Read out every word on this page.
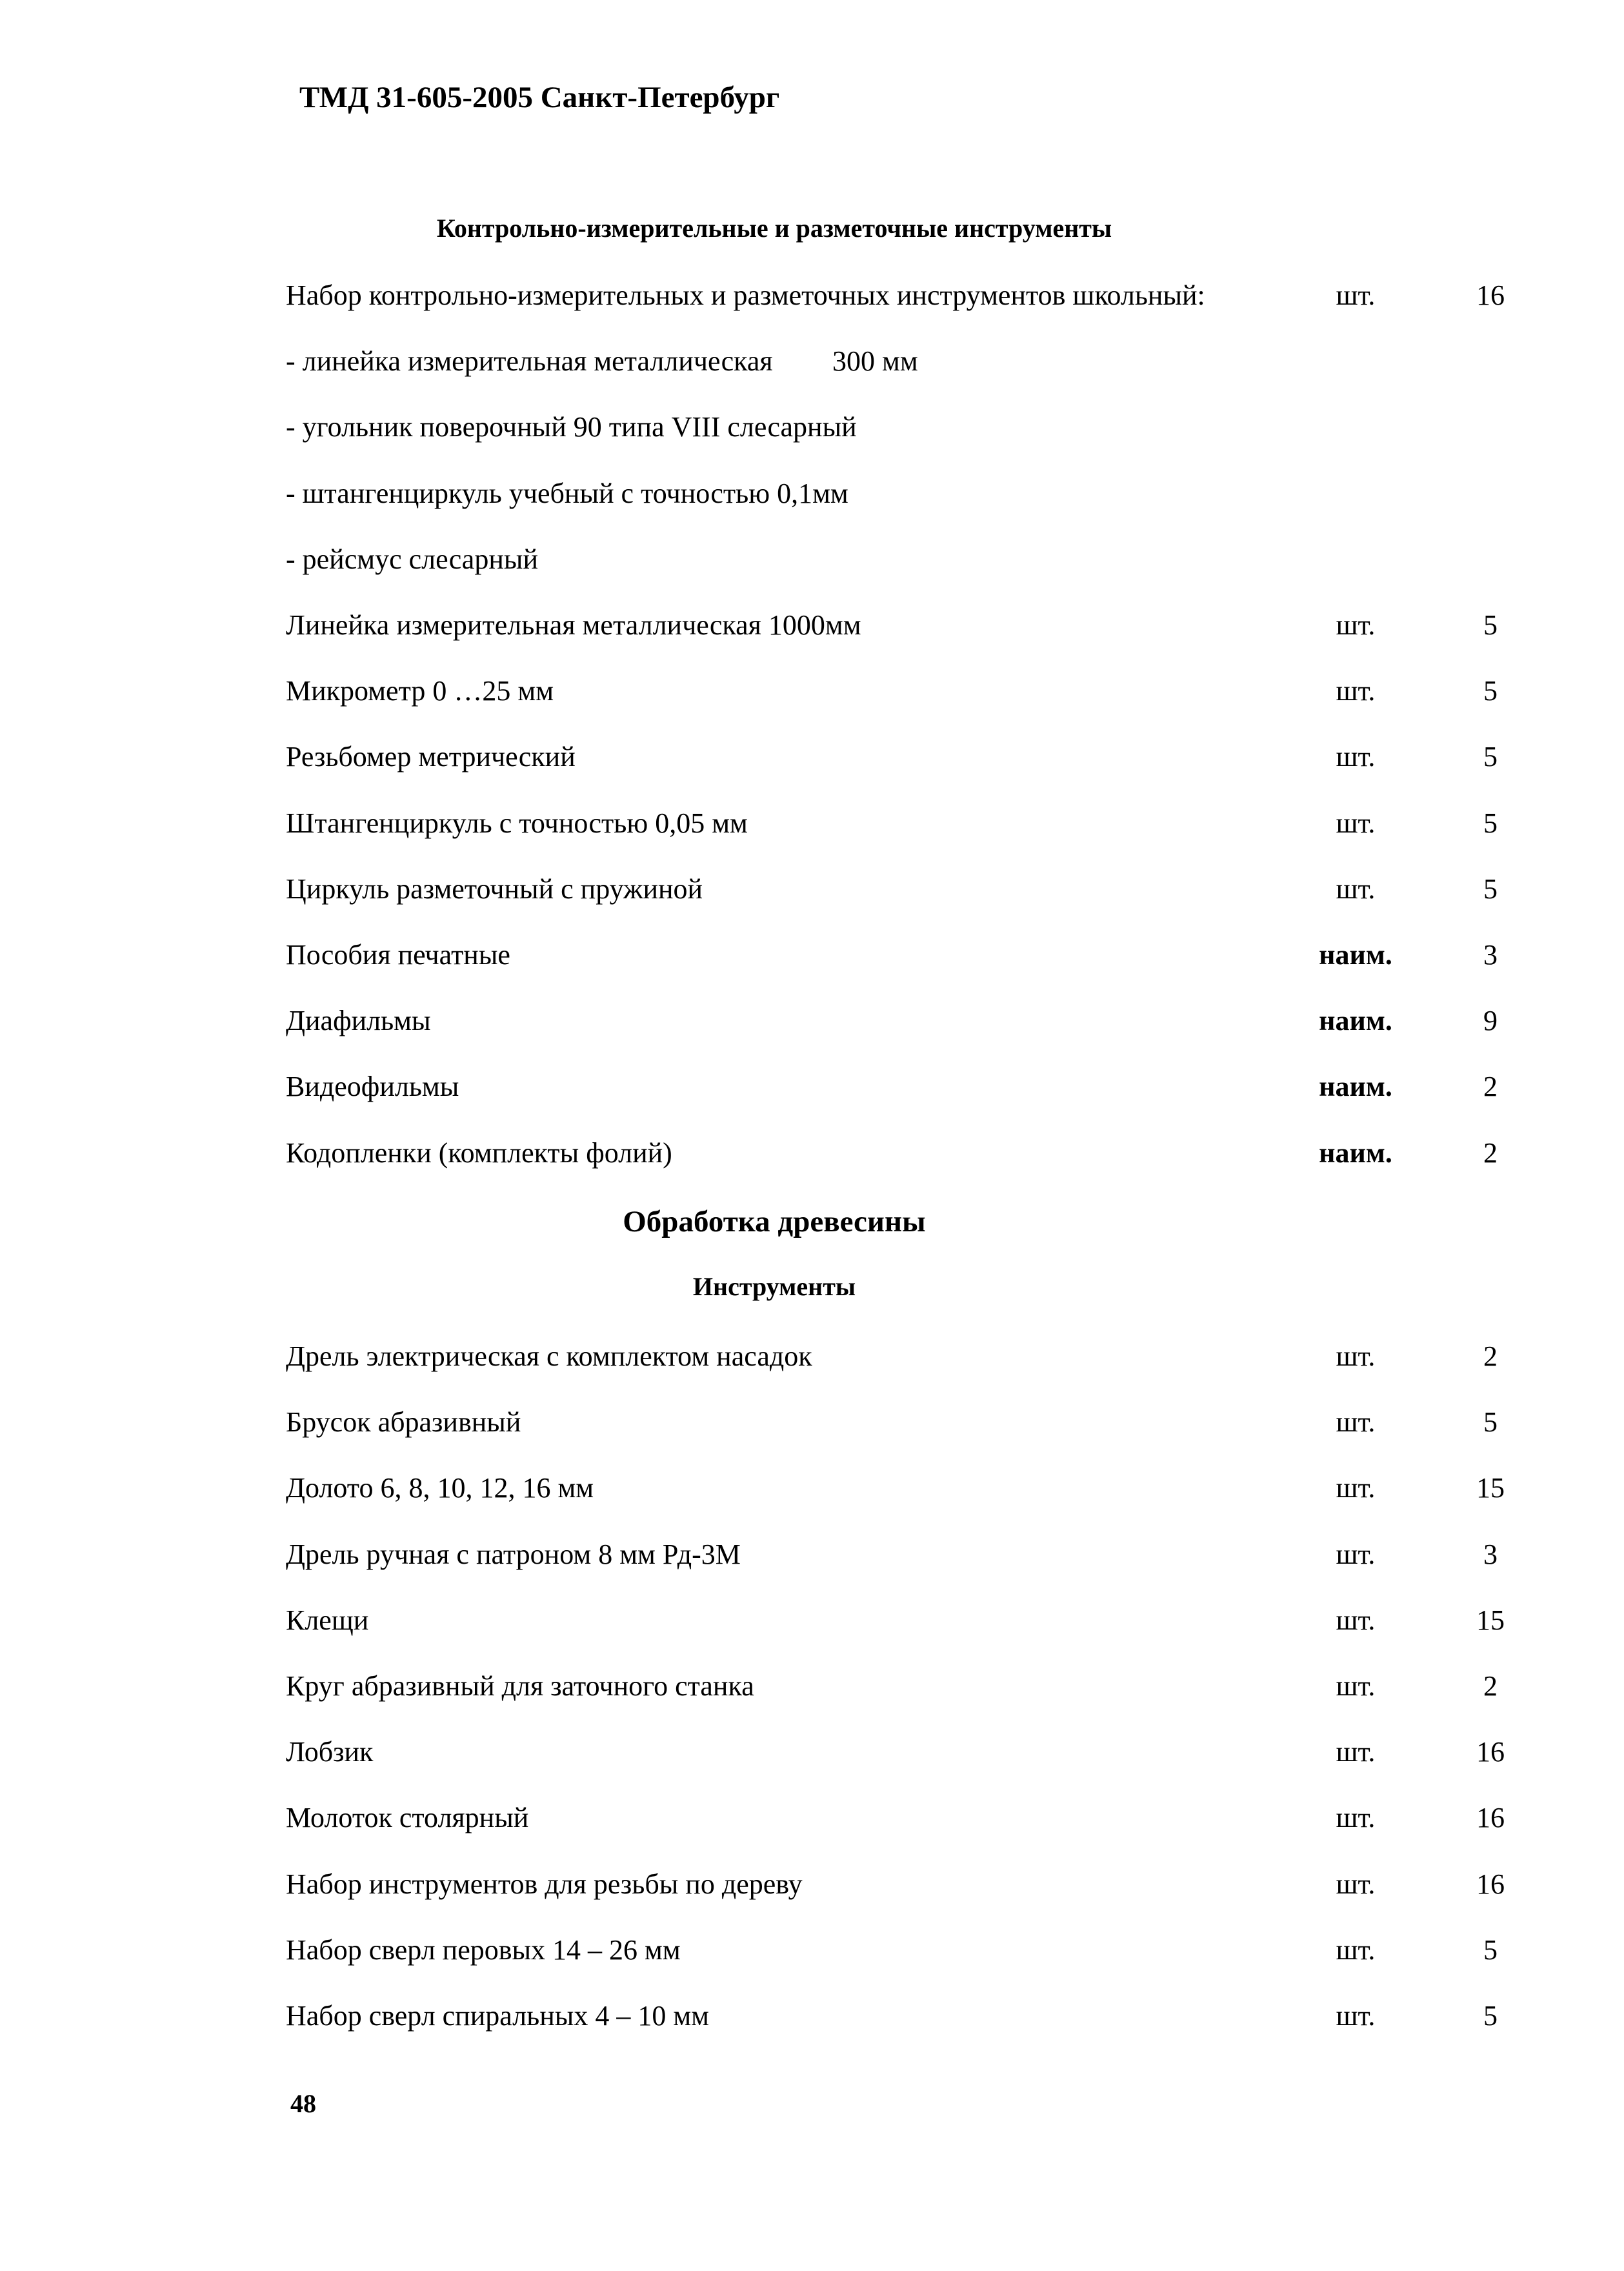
ТМД 31-605-2005 Санкт-Петербург
Контрольно-измерительные и разметочные инструменты
Набор контрольно-измерительных и разметочных инструментов школьный:	шт.	16
- линейка измерительная металлическая 300 мм
- угольник поверочный 90 типа VIII слесарный
- штангенциркуль учебный с точностью 0,1мм
- рейсмус слесарный
Линейка измерительная металлическая 1000мм	шт.	5
Микрометр 0 …25 мм	шт.	5
Резьбомер метрический	шт.	5
Штангенциркуль с точностью 0,05 мм	шт.	5
Циркуль разметочный с пружиной	шт.	5
Пособия печатные	наим.	3
Диафильмы	наим.	9
Видеофильмы	наим.	2
Кодопленки (комплекты фолий)	наим.	2
Обработка древесины
Инструменты
Дрель электрическая с комплектом насадок	шт.	2
Брусок абразивный	шт.	5
Долото 6, 8, 10, 12, 16 мм	шт.	15
Дрель ручная с патроном 8 мм Рд-3М	шт.	3
Клещи	шт.	15
Круг абразивный для заточного станка	шт.	2
Лобзик	шт.	16
Молоток столярный	шт.	16
Набор инструментов для резьбы по дереву	шт.	16
Набор сверл перовых 14 – 26 мм	шт.	5
Набор сверл спиральных 4 – 10 мм	шт.	5
48
